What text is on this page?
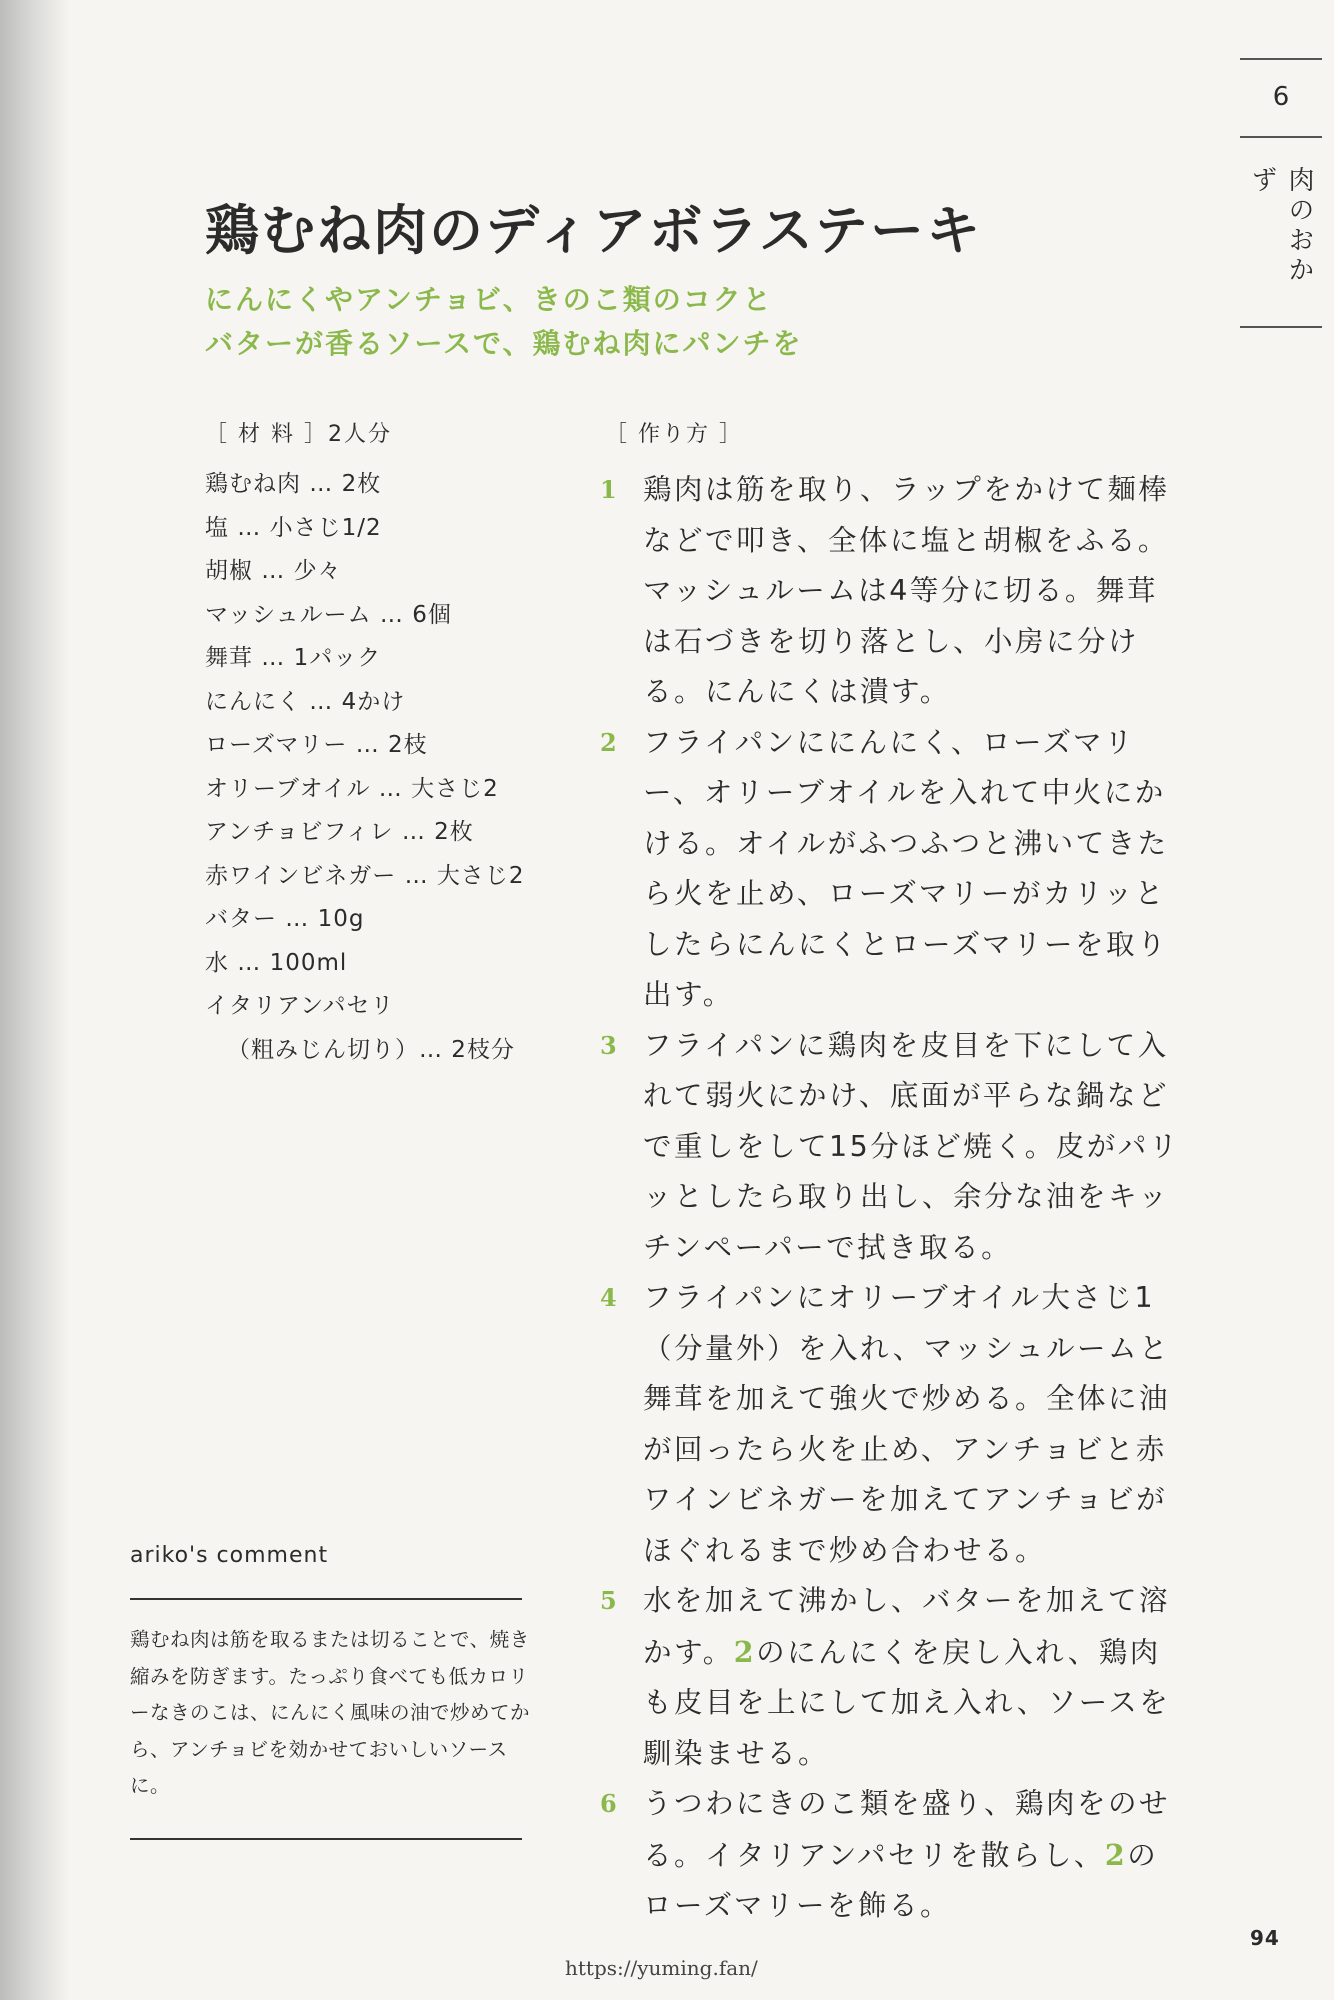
6
肉のおかず
鶏むね肉のディアボラステーキ
にんにくやアンチョビ、きのこ類のコクと
バターが香るソースで、鶏むね肉にパンチを
［ 材 料 ］2人分
鶏むね肉 … 2枚
塩 … 小さじ1/2
胡椒 … 少々
マッシュルーム … 6個
舞茸 … 1パック
にんにく … 4かけ
ローズマリー … 2枝
オリーブオイル … 大さじ2
アンチョビフィレ … 2枚
赤ワインビネガー … 大さじ2
バター … 10g
水 … 100ml
イタリアンパセリ
（粗みじん切り）… 2枝分
［ 作り方 ］
1 鶏肉は筋を取り、ラップをかけて麺棒などで叩き、全体に塩と胡椒をふる。マッシュルームは4等分に切る。舞茸は石づきを切り落とし、小房に分ける。にんにくは潰す。
2 フライパンににんにく、ローズマリー、オリーブオイルを入れて中火にかける。オイルがふつふつと沸いてきたら火を止め、ローズマリーがカリッとしたらにんにくとローズマリーを取り出す。
3 フライパンに鶏肉を皮目を下にして入れて弱火にかけ、底面が平らな鍋などで重しをして15分ほど焼く。皮がパリッとしたら取り出し、余分な油をキッチンペーパーで拭き取る。
4 フライパンにオリーブオイル大さじ1（分量外）を入れ、マッシュルームと舞茸を加えて強火で炒める。全体に油が回ったら火を止め、アンチョビと赤ワインビネガーを加えてアンチョビがほぐれるまで炒め合わせる。
5 水を加えて沸かし、バターを加えて溶かす。2のにんにくを戻し入れ、鶏肉も皮目を上にして加え入れ、ソースを馴染ませる。
6 うつわにきのこ類を盛り、鶏肉をのせる。イタリアンパセリを散らし、2のローズマリーを飾る。
ariko's comment
鶏むね肉は筋を取るまたは切ることで、焼き縮みを防ぎます。たっぷり食べても低カロリーなきのこは、にんにく風味の油で炒めてから、アンチョビを効かせておいしいソースに。
94
https://yuming.fan/
